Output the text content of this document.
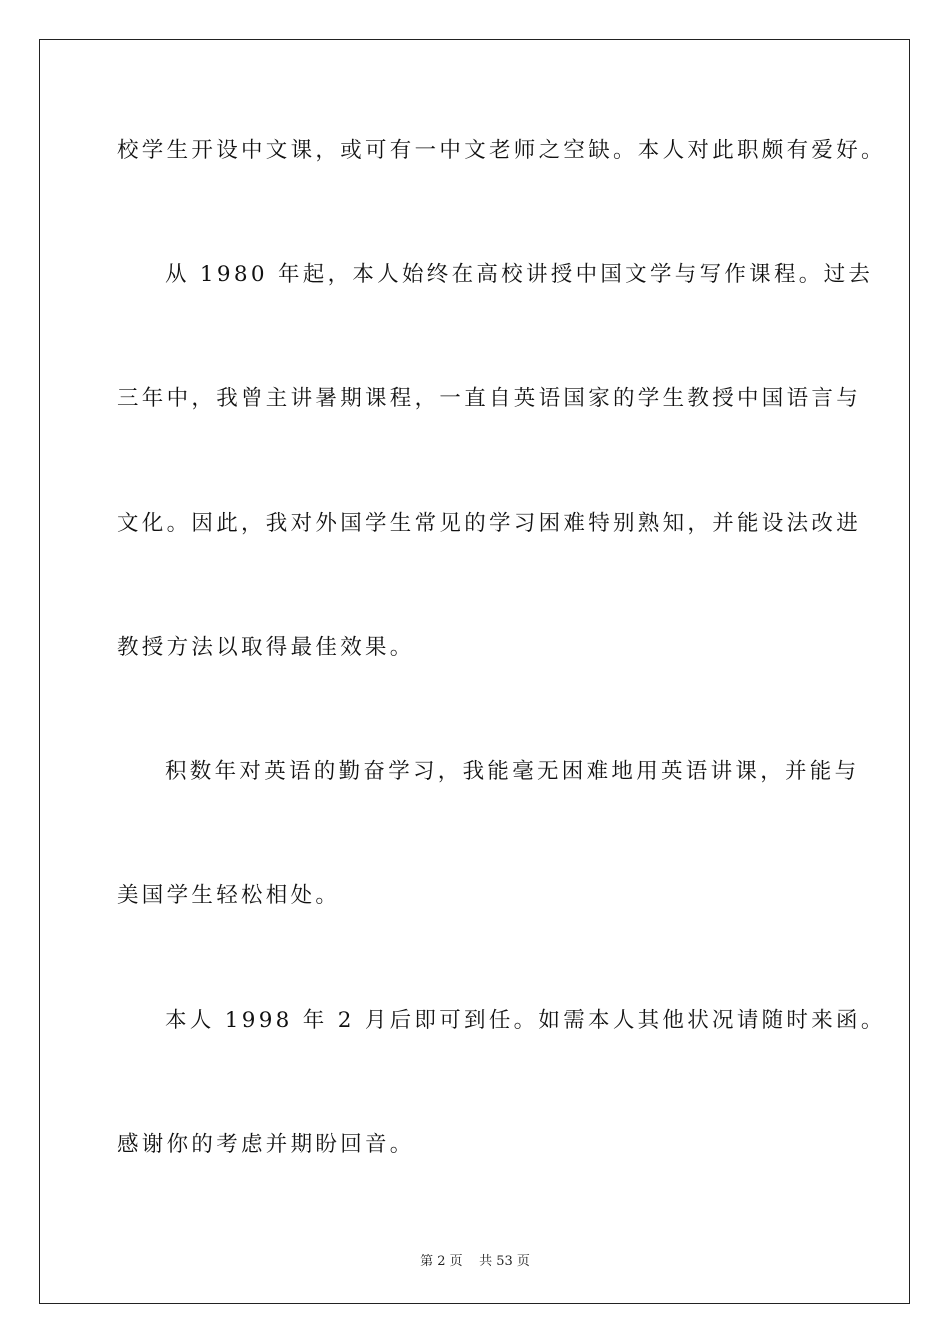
校学生开设中文课，或可有一中文老师之空缺。本人对此职颇有爱好。
从 1980 年起，本人始终在高校讲授中国文学与写作课程。过去
三年中，我曾主讲暑期课程，一直自英语国家的学生教授中国语言与
文化。因此，我对外国学生常见的学习困难特别熟知，并能设法改进
教授方法以取得最佳效果。
积数年对英语的勤奋学习，我能毫无困难地用英语讲课，并能与
美国学生轻松相处。
本人 1998 年 2 月后即可到任。如需本人其他状况请随时来函。
感谢你的考虑并期盼回音。
第 2 页    共 53 页
